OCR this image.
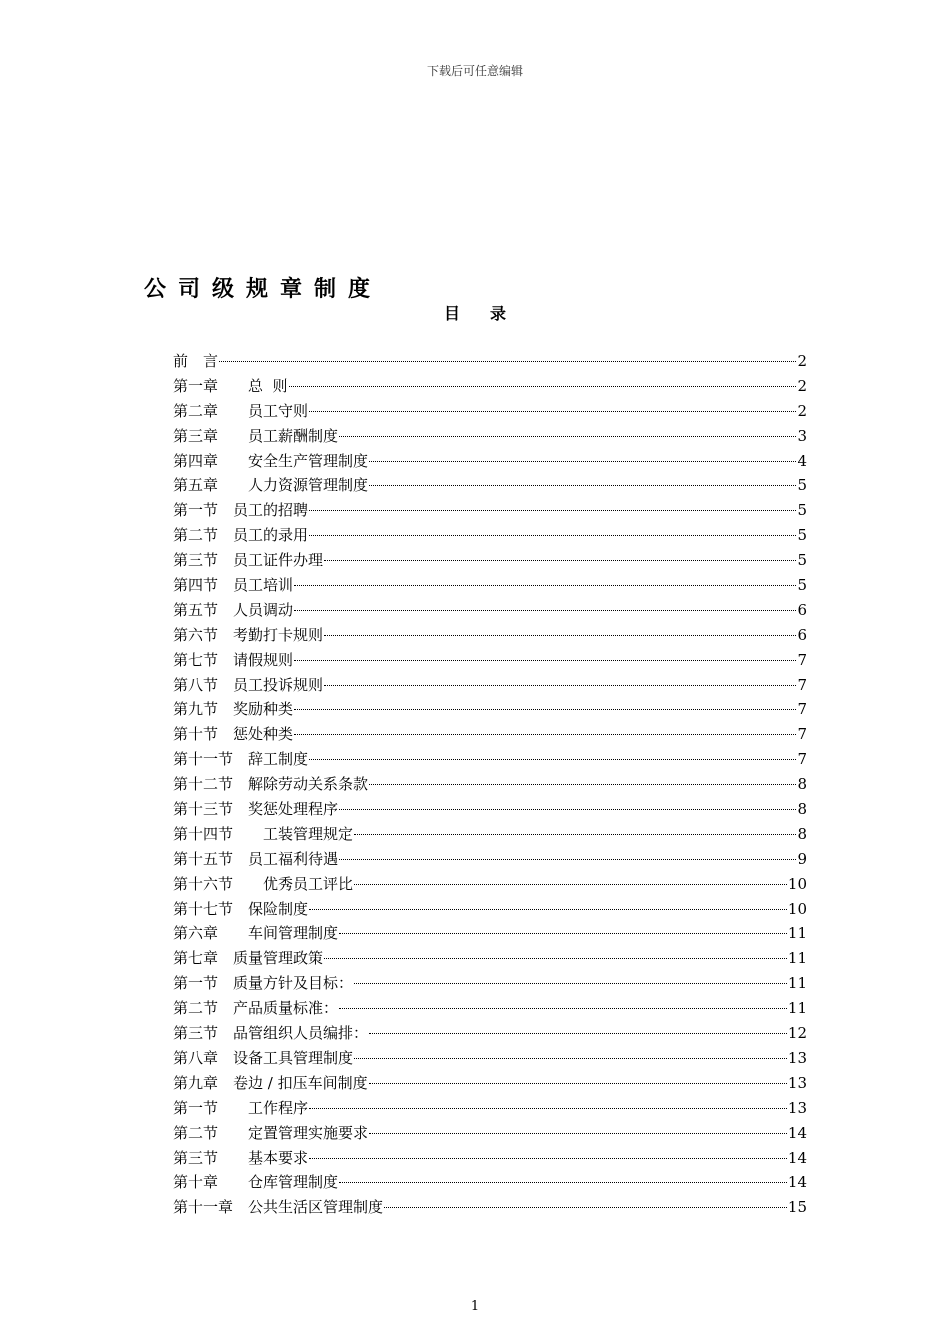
下载后可任意编辑
公司级规章制度
目录
前　言	2
第一章　　总  则	2
第二章　　员工守则	2
第三章　　员工薪酬制度	3
第四章　　安全生产管理制度	4
第五章　　人力资源管理制度	5
第一节　员工的招聘	5
第二节　员工的录用	5
第三节　员工证件办理	5
第四节　员工培训	5
第五节　人员调动	6
第六节　考勤打卡规则	6
第七节　请假规则	7
第八节　员工投诉规则	7
第九节　奖励种类	7
第十节　惩处种类	7
第十一节　辞工制度	7
第十二节　解除劳动关系条款	8
第十三节　奖惩处理程序	8
第十四节　　工装管理规定	8
第十五节　员工福利待遇	9
第十六节　　优秀员工评比	10
第十七节　保险制度	10
第六章　　车间管理制度	11
第七章　质量管理政策	11
第一节　质量方针及目标：	11
第二节　产品质量标准：	11
第三节　品管组织人员编排：	12
第八章　设备工具管理制度	13
第九章　卷边 / 扣压车间制度	13
第一节　　工作程序	13
第二节　　定置管理实施要求	14
第三节　　基本要求	14
第十章　　仓库管理制度	14
第十一章　公共生活区管理制度	15
1
